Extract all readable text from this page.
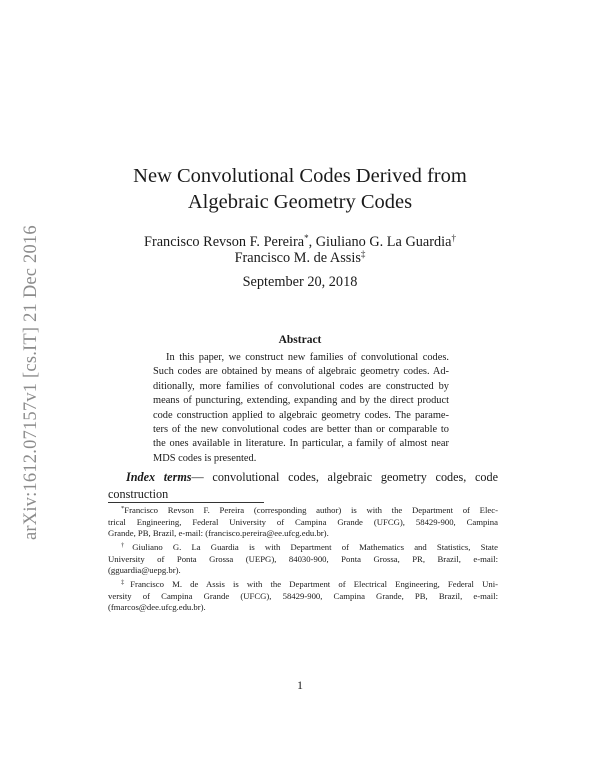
arXiv:1612.07157v1 [cs.IT] 21 Dec 2016
New Convolutional Codes Derived from
Algebraic Geometry Codes
Francisco Revson F. Pereira*, Giuliano G. La Guardia†
Francisco M. de Assis‡
September 20, 2018
Abstract
In this paper, we construct new families of convolutional codes.
Such codes are obtained by means of algebraic geometry codes. Ad-
ditionally, more families of convolutional codes are constructed by
means of puncturing, extending, expanding and by the direct product
code construction applied to algebraic geometry codes. The parame-
ters of the new convolutional codes are better than or comparable to
the ones available in literature. In particular, a family of almost near
MDS codes is presented.
Index terms— convolutional codes, algebraic geometry codes, code
construction
*Francisco Revson F. Pereira (corresponding author) is with the Department of Elec-
trical Engineering, Federal University of Campina Grande (UFCG), 58429-900, Campina
Grande, PB, Brazil, e-mail: (francisco.pereira@ee.ufcg.edu.br).
†Giuliano G. La Guardia is with Department of Mathematics and Statistics, State
University of Ponta Grossa (UEPG), 84030-900, Ponta Grossa, PR, Brazil, e-mail:
(gguardia@uepg.br).
‡Francisco M. de Assis is with the Department of Electrical Engineering, Federal Uni-
versity of Campina Grande (UFCG), 58429-900, Campina Grande, PB, Brazil, e-mail:
(fmarcos@dee.ufcg.edu.br).
1
